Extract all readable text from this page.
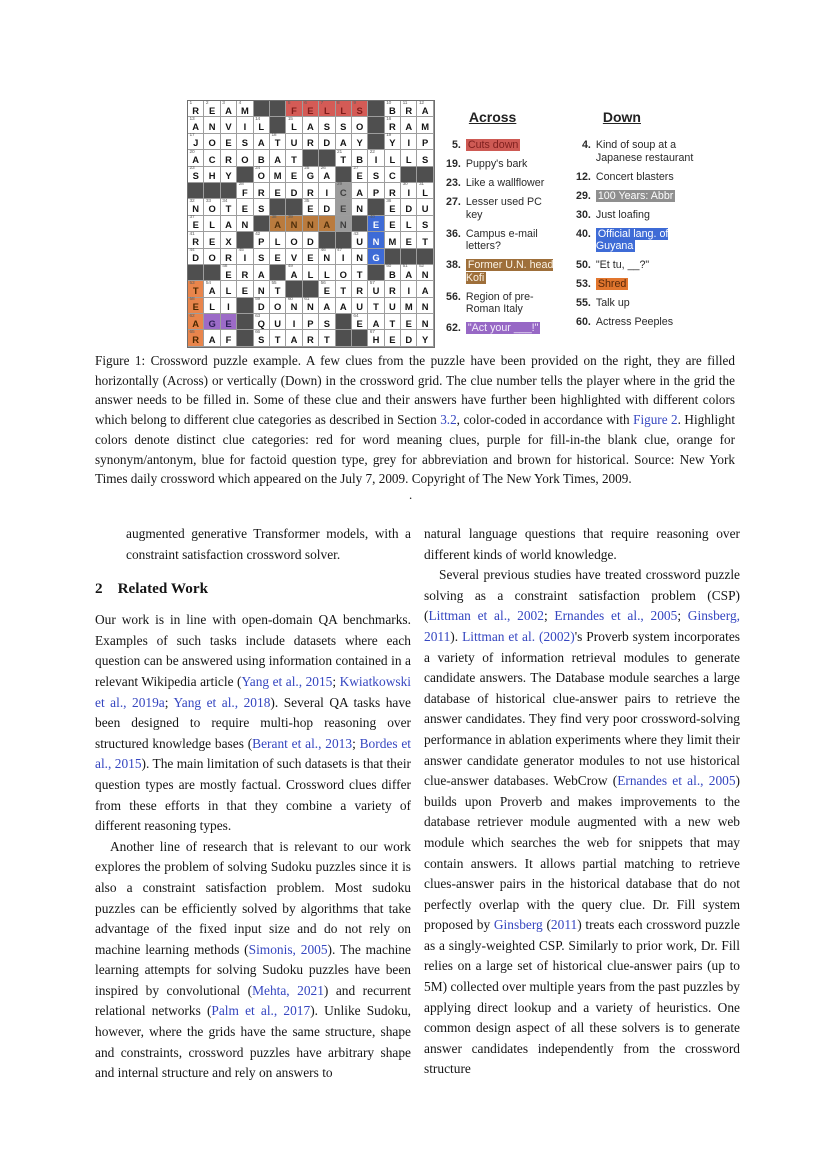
1
R
2
E
3
A
4
M
5
F
6
E
7
L
8
L
9
S
10
B
11
R
12
A
13
A N V I
14
L
15
L A S S O
16
R A M
17
J O E S A
18
T U R D A Y
19
Y I P
20
A C R O B A T
21
T B
22
I L L S
23
S H Y
24
O M E
25
G
26
A
27
E S C
28
F R E D R I
29
C A P R
30
I
31
L
32
N
33
O
34
T E S
35
E D E N
36
E D U
37
E L A N
38
A
39
N N A N
40
E E L S
41
R E X
42
P L O D
43
U N M E T
44
D O R
45
I S E V E
46
N
47
I N G
48
E R A
49
A L L O T
50
B
51
A
52
N
53
T
54
A L E N
55
T
56
E T R
57
U R I A
58
E L I
59
D O
60
N
61
N A A U T U M N
62
A G E
63
Q U I P S
64
E A T E N
65
R A F
66
S T A R T
67
H E D Y
Across
5. Cuts down
19. Puppy's bark
23. Like a wallflower
27. Lesser used PC key
36. Campus e-mail letters?
38. Former U.N. head Kofi
56. Region of pre-Roman Italy
62. "Act your ___!"
Down
4. Kind of soup at a Japanese restaurant
12. Concert blasters
29. 100 Years: Abbr
30. Just loafing
40. Official lang. of Guyana
50. "Et tu, __?"
53. Shred
55. Talk up
60. Actress Peeples
Figure 1: Crossword puzzle example. A few clues from the puzzle have been provided on the right, they are filled horizontally (Across) or vertically (Down) in the crossword grid. The clue number tells the player where in the grid the answer needs to be filled in. Some of these clue and their answers have further been highlighted with different colors which belong to different clue categories as described in Section 3.2, color-coded in accordance with Figure 2. Highlight colors denote distinct clue categories: red for word meaning clues, purple for fill-in-the blank clue, orange for synonym/antonym, blue for factoid question type, grey for abbreviation and brown for historical. Source: New York Times daily crossword which appeared on the July 7, 2009. Copyright of The New York Times, 2009.
.

augmented generative Transformer models, with a constraint satisfaction crossword solver.

2 Related Work

Our work is in line with open-domain QA benchmarks. Examples of such tasks include datasets where each question can be answered using information contained in a relevant Wikipedia article (Yang et al., 2015; Kwiatkowski et al., 2019a; Yang et al., 2018). Several QA tasks have been designed to require multi-hop reasoning over structured knowledge bases (Berant et al., 2013; Bordes et al., 2015). The main limitation of such datasets is that their question types are mostly factual. Crossword clues differ from these efforts in that they combine a variety of different reasoning types.

Another line of research that is relevant to our work explores the problem of solving Sudoku puzzles since it is also a constraint satisfaction problem. Most sudoku puzzles can be efficiently solved by algorithms that take advantage of the fixed input size and do not rely on machine learning methods (Simonis, 2005). The machine learning attempts for solving Sudoku puzzles have been inspired by convolutional (Mehta, 2021) and recurrent relational networks (Palm et al., 2017). Unlike Sudoku, however, where the grids have the same structure, shape and constraints, crossword puzzles have arbitrary shape and internal structure and rely on answers to

natural language questions that require reasoning over different kinds of world knowledge.

Several previous studies have treated crossword puzzle solving as a constraint satisfaction problem (CSP) (Littman et al., 2002; Ernandes et al., 2005; Ginsberg, 2011). Littman et al. (2002)'s Proverb system incorporates a variety of information retrieval modules to generate candidate answers. The Database module searches a large database of historical clue-answer pairs to retrieve the answer candidates. They find very poor crossword-solving performance in ablation experiments where they limit their answer candidate generator modules to not use historical clue-answer databases. WebCrow (Ernandes et al., 2005) builds upon Proverb and makes improvements to the database retriever module augmented with a new web module which searches the web for snippets that may contain answers. It allows partial matching to retrieve clues-answer pairs in the historical database that do not perfectly overlap with the query clue. Dr. Fill system proposed by Ginsberg (2011) treats each crossword puzzle as a singly-weighted CSP. Similarly to prior work, Dr. Fill relies on a large set of historical clue-answer pairs (up to 5M) collected over multiple years from the past puzzles by applying direct lookup and a variety of heuristics. One common design aspect of all these solvers is to generate answer candidates independently from the crossword structure
